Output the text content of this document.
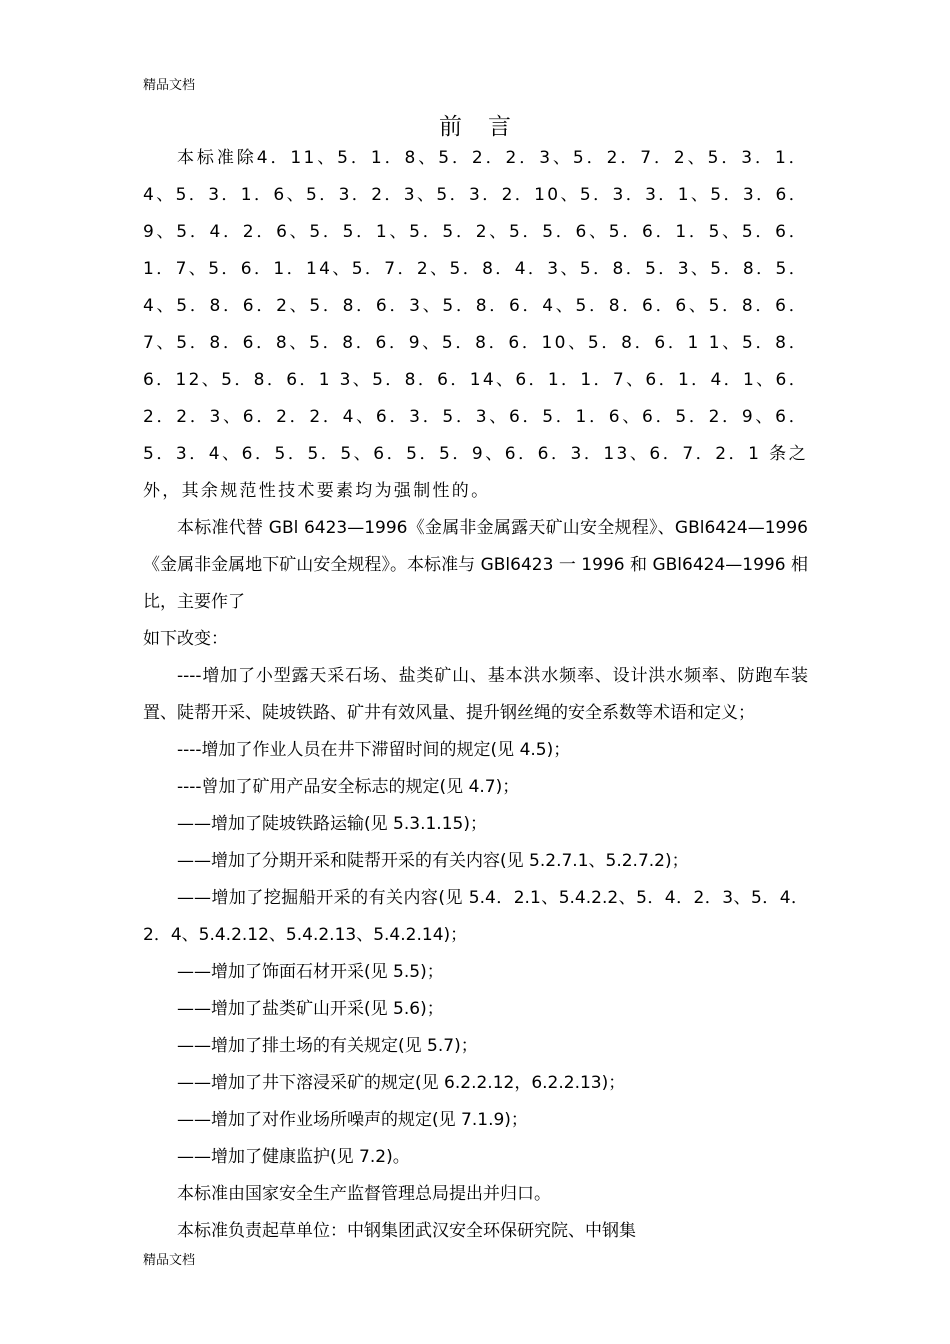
精品文档
前言

本标准除4．11、5．1．8、5．2．2．3、5．2．7．2、5．3．1．4、5．3．1．6、5．3．2．3、5．3．2．10、5．3．3．1、5．3．6．9、5．4．2．6、5．5．1、5．5．2、5．5．6、5．6．1．5、5．6．1．7、5．6．1．14、5．7．2、5．8．4．3、5．8．5．3、5．8．5．4、5．8．6．2、5．8．6．3、5．8．6．4、5．8．6．6、5．8．6．7、5．8．6．8、5．8．6．9、5．8．6．10、5．8．6．1 1、5．8．6．12、5．8．6．1 3、5．8．6．14、6．1．1．7、6．1．4．1、6．2．2．3、6．2．2．4、6．3．5．3、6．5．1．6、6．5．2．9、6．5．3．4、6．5．5．5、6．5．5．9、6．6．3．13、6．7．2．1 条之外，其余规范性技术要素均为强制性的。

本标准代替 GBl 6423—1996《金属非金属露天矿山安全规程》、GBl6424—1996《金属非金属地下矿山安全规程》。本标准与 GBl6423 一 1996 和 GBl6424—1996 相比，主要作了

如下改变：

----增加了小型露天采石场、盐类矿山、基本洪水频率、设计洪水频率、防跑车装置、陡帮开采、陡坡铁路、矿井有效风量、提升钢丝绳的安全系数等术语和定义；

----增加了作业人员在井下滞留时间的规定(见 4.5)；

----曾加了矿用产品安全标志的规定(见 4.7)；

——增加了陡坡铁路运输(见 5.3.1.15)；

——增加了分期开采和陡帮开采的有关内容(见 5.2.7.1、5.2.7.2)；

——增加了挖掘船开采的有关内容(见 5.4．2.1、5.4.2.2、5．4．2．3、5．4．2．4、5.4.2.12、5.4.2.13、5.4.2.14)；

——增加了饰面石材开采(见 5.5)；

——增加了盐类矿山开采(见 5.6)；

——增加了排土场的有关规定(见 5.7)；

——增加了井下溶浸采矿的规定(见 6.2.2.12，6.2.2.13)；

——增加了对作业场所噪声的规定(见 7.1.9)；

——增加了健康监护(见 7.2)。

本标准由国家安全生产监督管理总局提出并归口。

本标准负责起草单位：中钢集团武汉安全环保研究院、中钢集

精品文档
